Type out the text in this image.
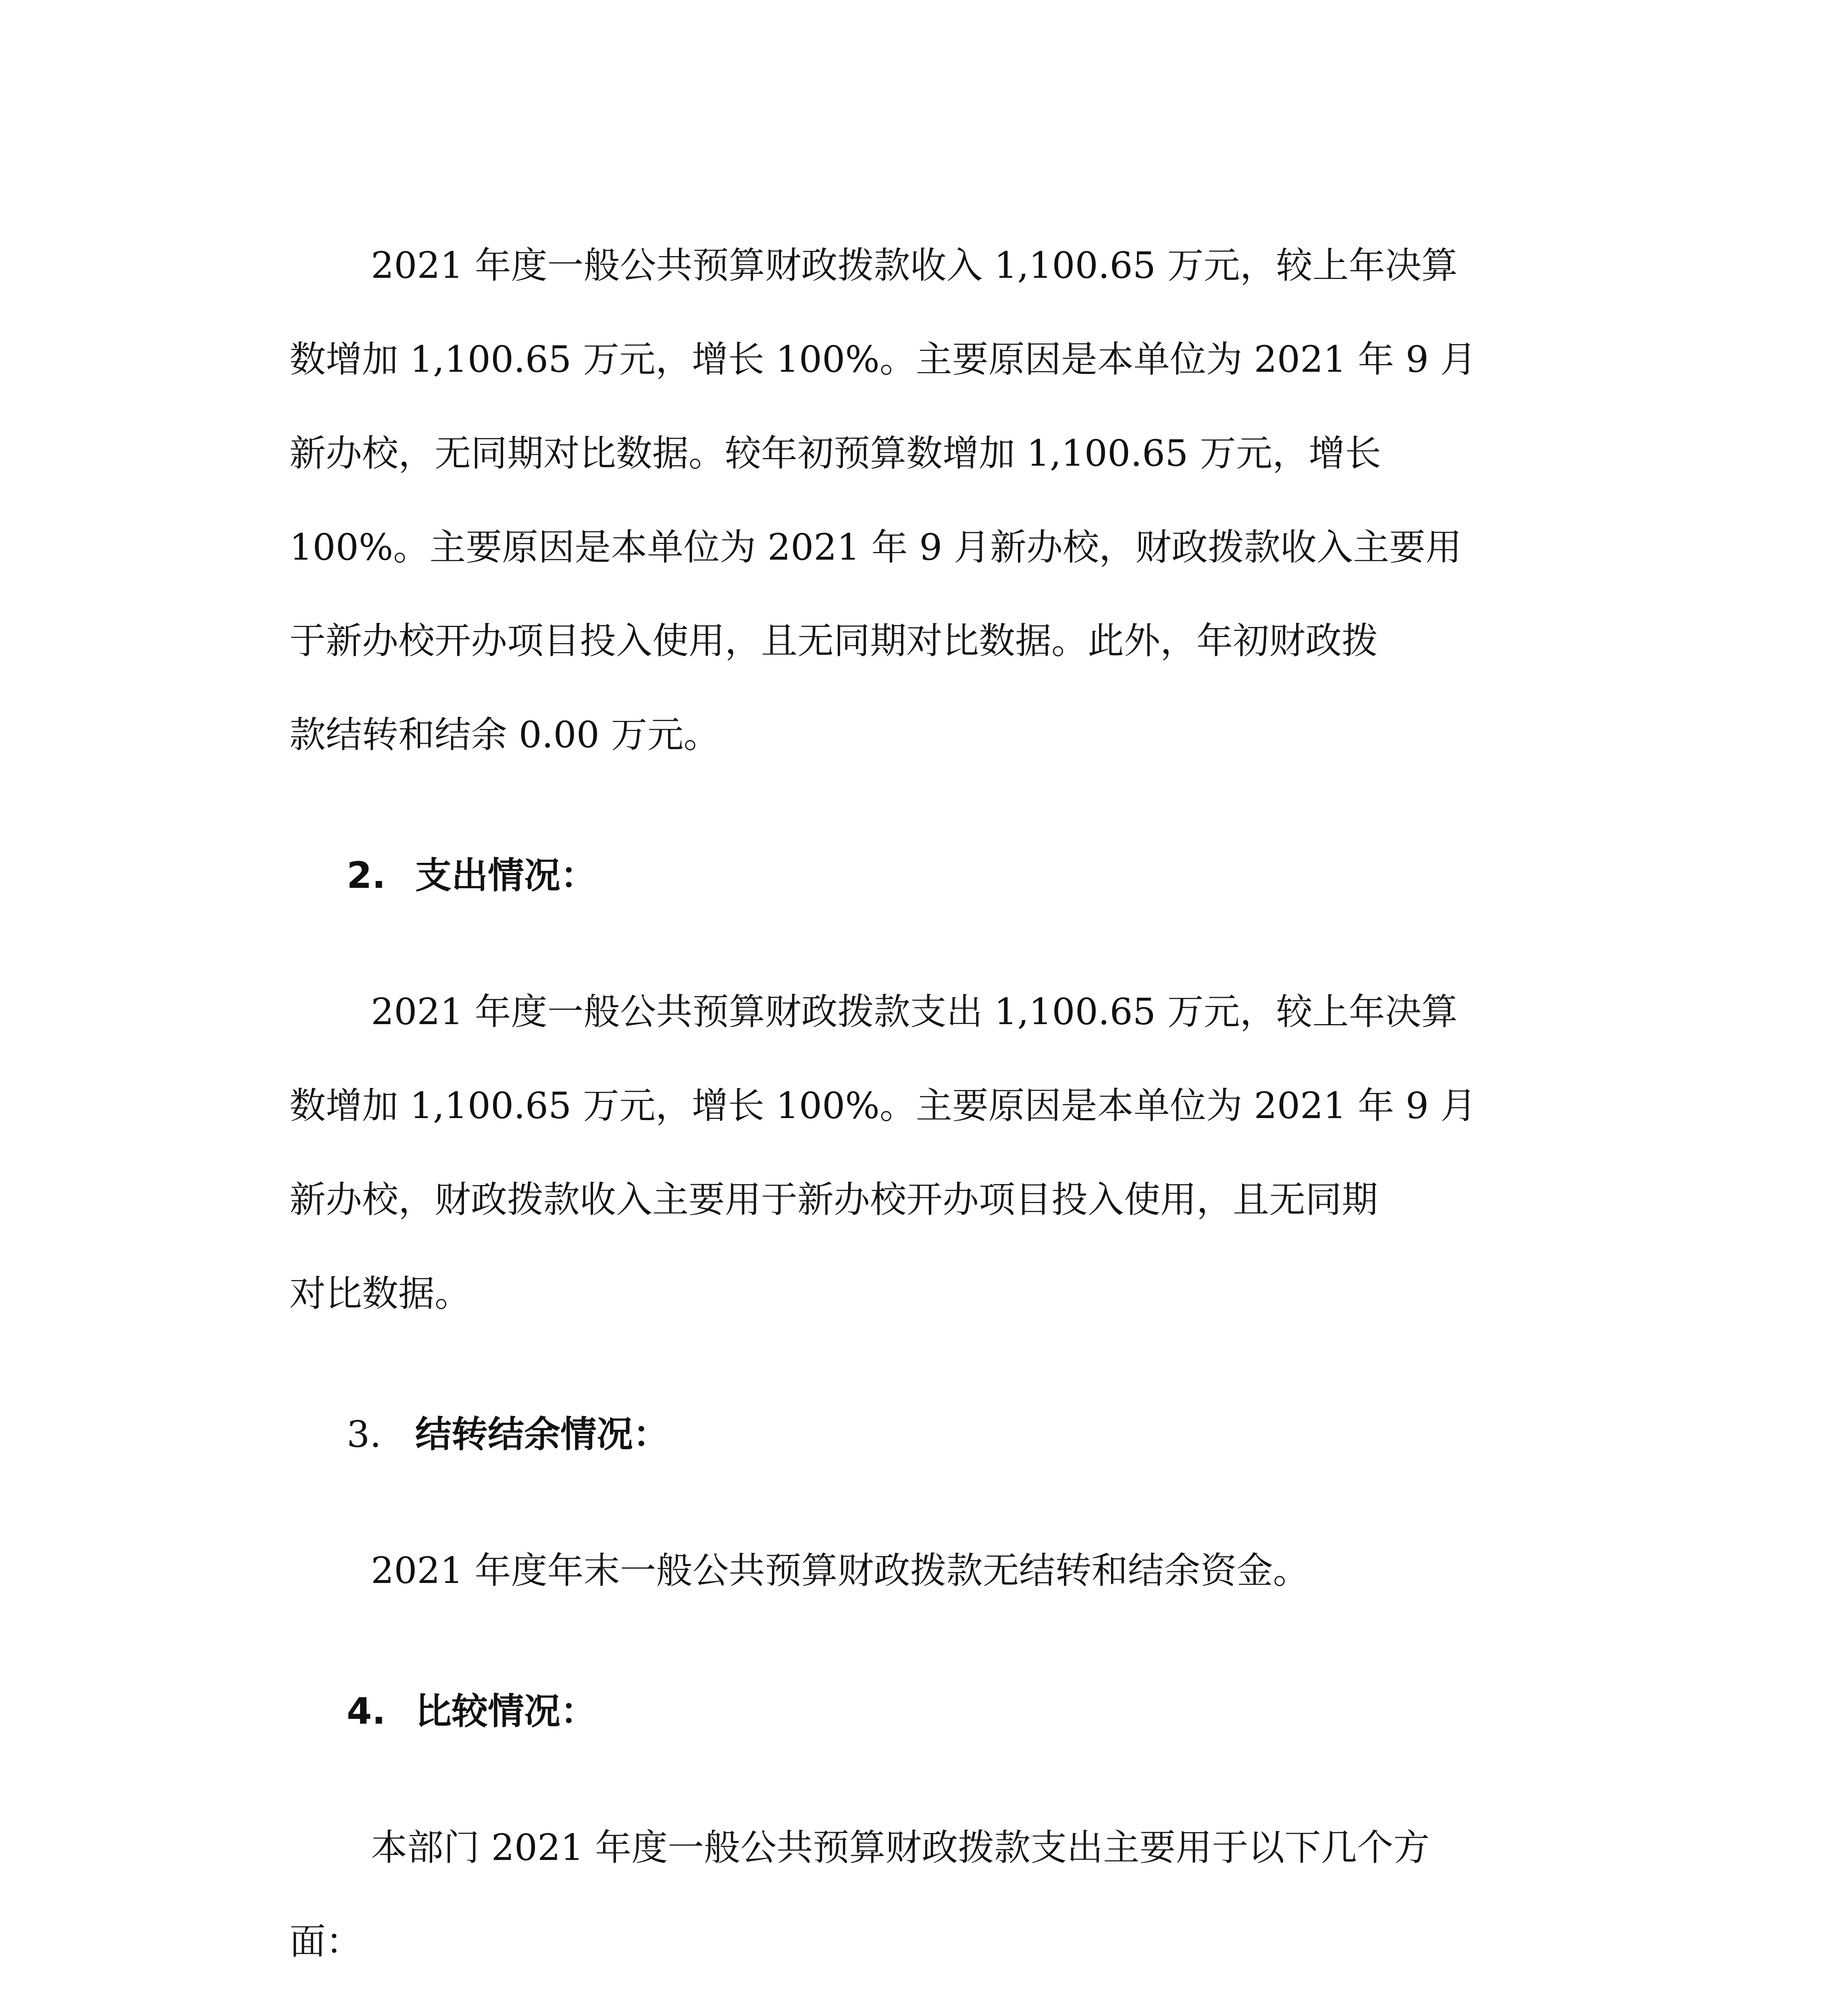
2021 年度一般公共预算财政拨款收入 1,100.65 万元，较上年决算
数增加 1,100.65 万元，增长 100%。主要原因是本单位为 2021 年 9 月
新办校，无同期对比数据。较年初预算数增加 1,100.65 万元，增长
100%。主要原因是本单位为 2021 年 9 月新办校，财政拨款收入主要用
于新办校开办项目投入使用，且无同期对比数据。此外，年初财政拨
款结转和结余 0.00 万元。
2. 支出情况：
2021 年度一般公共预算财政拨款支出 1,100.65 万元，较上年决算
数增加 1,100.65 万元，增长 100%。主要原因是本单位为 2021 年 9 月
新办校，财政拨款收入主要用于新办校开办项目投入使用，且无同期
对比数据。
3. 结转结余情况：
2021 年度年末一般公共预算财政拨款无结转和结余资金。
4. 比较情况：
本部门 2021 年度一般公共预算财政拨款支出主要用于以下几个方
面：
